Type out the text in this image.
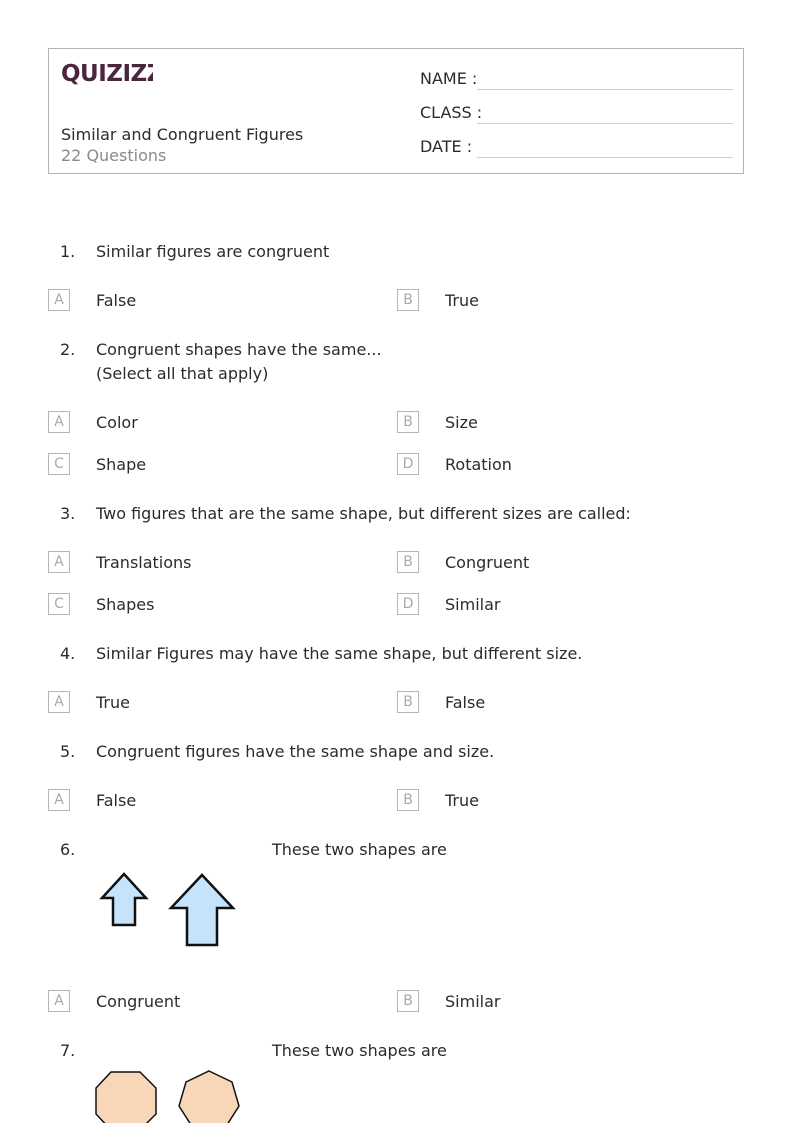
QUIZIZZ
Similar and Congruent Figures
22 Questions
NAME :
CLASS :
DATE :
1. Similar figures are congruent
A	False	B	True
2. Congruent shapes have the same...
(Select all that apply)
A	Color	B	Size
C	Shape	D	Rotation
3. Two figures that are the same shape, but different sizes are called:
A	Translations	B	Congruent
C	Shapes	D	Similar
4. Similar Figures may have the same shape, but different size.
A	True	B	False
5. Congruent figures have the same shape and size.
A	False	B	True
6.	These two shapes are
A	Congruent	B	Similar
7.	These two shapes are
